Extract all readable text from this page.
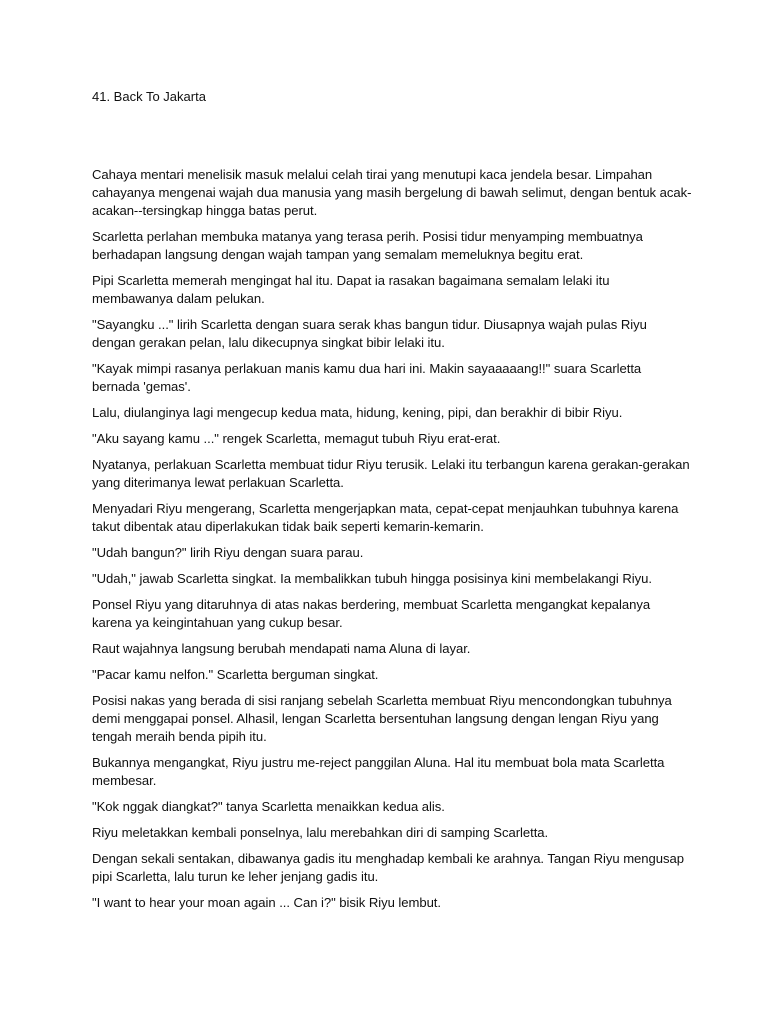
41. Back To Jakarta

Cahaya mentari menelisik masuk melalui celah tirai yang menutupi kaca jendela besar. Limpahan cahayanya mengenai wajah dua manusia yang masih bergelung di bawah selimut, dengan bentuk acak-acakan--tersingkap hingga batas perut.

Scarletta perlahan membuka matanya yang terasa perih. Posisi tidur menyamping membuatnya berhadapan langsung dengan wajah tampan yang semalam memeluknya begitu erat.

Pipi Scarletta memerah mengingat hal itu. Dapat ia rasakan bagaimana semalam lelaki itu membawanya dalam pelukan.

"Sayangku ..." lirih Scarletta dengan suara serak khas bangun tidur. Diusapnya wajah pulas Riyu dengan gerakan pelan, lalu dikecupnya singkat bibir lelaki itu.

"Kayak mimpi rasanya perlakuan manis kamu dua hari ini. Makin sayaaaaang!!" suara Scarletta bernada 'gemas'.

Lalu, diulanginya lagi mengecup kedua mata, hidung, kening, pipi, dan berakhir di bibir Riyu.

"Aku sayang kamu ..." rengek Scarletta, memagut tubuh Riyu erat-erat.

Nyatanya, perlakuan Scarletta membuat tidur Riyu terusik. Lelaki itu terbangun karena gerakan-gerakan yang diterimanya lewat perlakuan Scarletta.

Menyadari Riyu mengerang, Scarletta mengerjapkan mata, cepat-cepat menjauhkan tubuhnya karena takut dibentak atau diperlakukan tidak baik seperti kemarin-kemarin.

"Udah bangun?" lirih Riyu dengan suara parau.

"Udah," jawab Scarletta singkat. Ia membalikkan tubuh hingga posisinya kini membelakangi Riyu.

Ponsel Riyu yang ditaruhnya di atas nakas berdering, membuat Scarletta mengangkat kepalanya karena ya keingintahuan yang cukup besar.

Raut wajahnya langsung berubah mendapati nama Aluna di layar.

"Pacar kamu nelfon." Scarletta berguman singkat.

Posisi nakas yang berada di sisi ranjang sebelah Scarletta membuat Riyu mencondongkan tubuhnya demi menggapai ponsel. Alhasil, lengan Scarletta bersentuhan langsung dengan lengan Riyu yang tengah meraih benda pipih itu.

Bukannya mengangkat, Riyu justru me-reject panggilan Aluna. Hal itu membuat bola mata Scarletta membesar.

"Kok nggak diangkat?" tanya Scarletta menaikkan kedua alis.

Riyu meletakkan kembali ponselnya, lalu merebahkan diri di samping Scarletta.

Dengan sekali sentakan, dibawanya gadis itu menghadap kembali ke arahnya. Tangan Riyu mengusap pipi Scarletta, lalu turun ke leher jenjang gadis itu.

"I want to hear your moan again ... Can i?" bisik Riyu lembut.
